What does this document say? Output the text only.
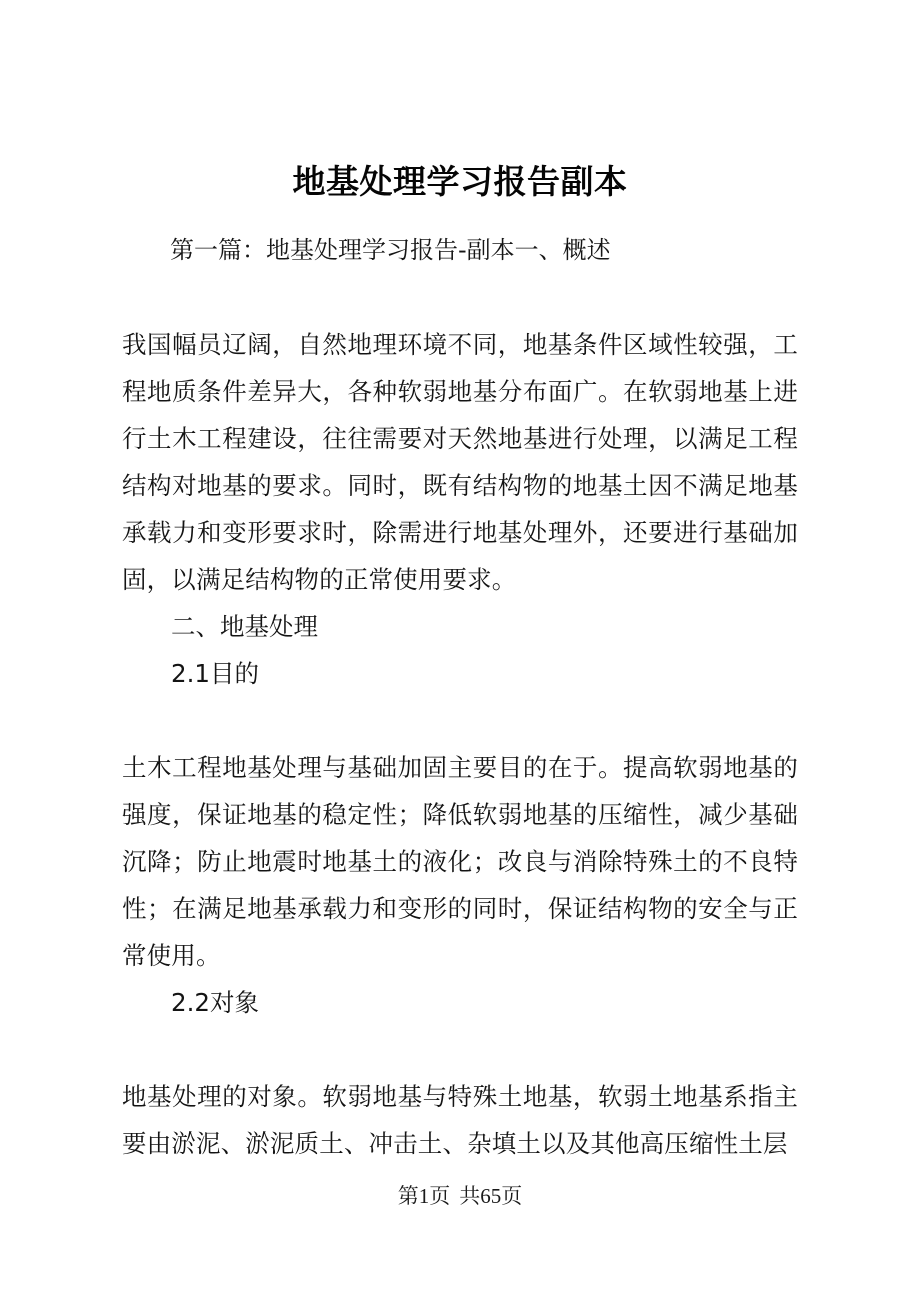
地基处理学习报告副本

第一篇：地基处理学习报告-副本一、概述

我国幅员辽阔，自然地理环境不同，地基条件区域性较强，工程地质条件差异大，各种软弱地基分布面广。在软弱地基上进行土木工程建设，往往需要对天然地基进行处理，以满足工程结构对地基的要求。同时，既有结构物的地基土因不满足地基承载力和变形要求时，除需进行地基处理外，还要进行基础加固，以满足结构物的正常使用要求。

二、地基处理

2.1目的

土木工程地基处理与基础加固主要目的在于。提高软弱地基的强度，保证地基的稳定性；降低软弱地基的压缩性，减少基础沉降；防止地震时地基土的液化；改良与消除特殊土的不良特性；在满足地基承载力和变形的同时，保证结构物的安全与正常使用。

2.2对象

地基处理的对象。软弱地基与特殊土地基，软弱土地基系指主要由淤泥、淤泥质土、冲击土、杂填土以及其他高压缩性土层

第1页 共65页
